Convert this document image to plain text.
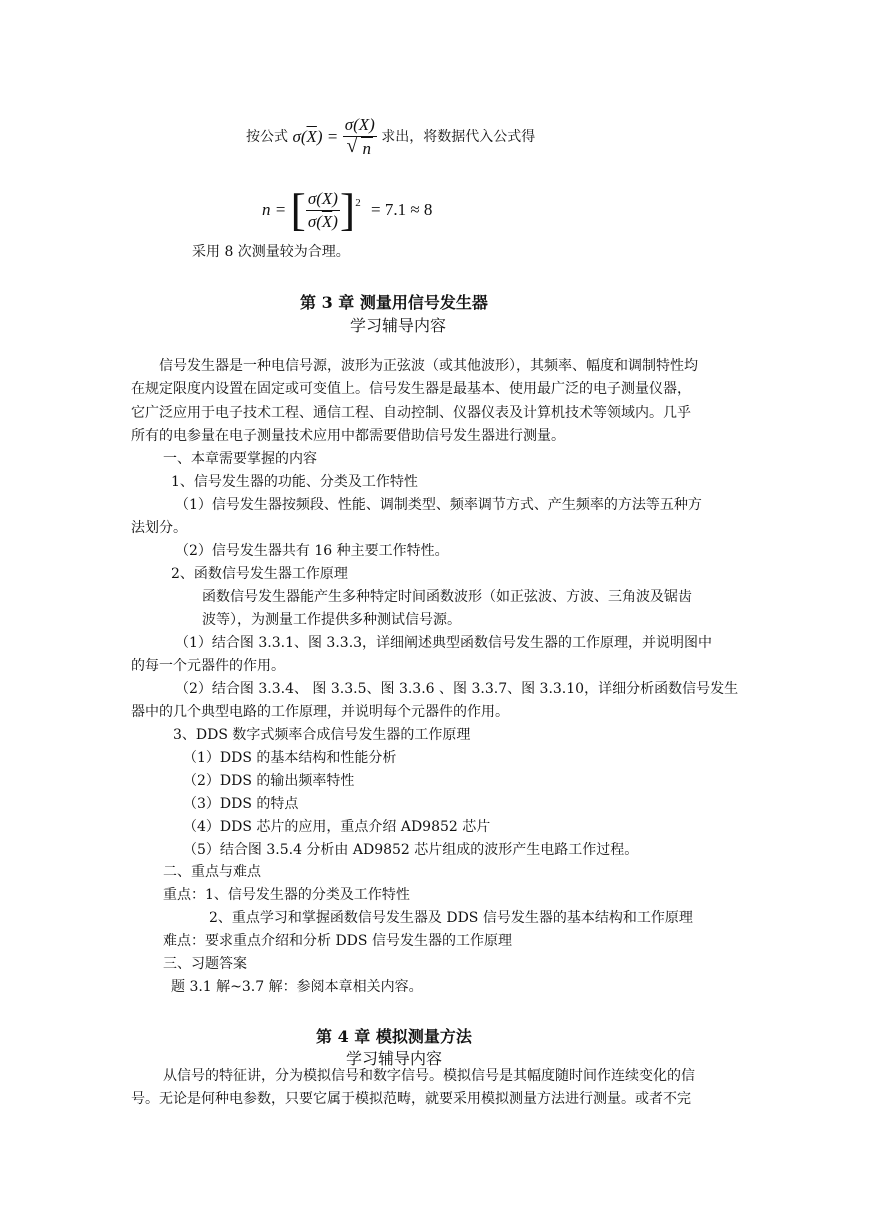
按公式 $\sigma(\overline{X}) = \frac{\sigma(X)}{√ n}$ 求出，将数据代入公式得
n = [ $\frac{\sigma(X)}{\sigma(\overline{X})} ]^2 = 7.1 \approx 8$
采用 8 次测量较为合理。
第 3 章 测量用信号发生器
学习辅导内容
信号发生器是一种电信号源，波形为正弦波（或其他波形），其频率、幅度和调制特性均
在规定限度内设置在固定或可变值上。信号发生器是最基本、使用最广泛的电子测量仪器，
它广泛应用于电子技术工程、通信工程、自动控制、仪器仪表及计算机技术等领域内。几乎
所有的电参量在电子测量技术应用中都需要借助信号发生器进行测量。
一、本章需要掌握的内容
1、信号发生器的功能、分类及工作特性
（1）信号发生器按频段、性能、调制类型、频率调节方式、产生频率的方法等五种方
法划分。
（2）信号发生器共有 16 种主要工作特性。
2、函数信号发生器工作原理
函数信号发生器能产生多种特定时间函数波形（如正弦波、方波、三角波及锯齿
波等），为测量工作提供多种测试信号源。
（1）结合图 3.3.1、图 3.3.3，详细阐述典型函数信号发生器的工作原理，并说明图中
的每一个元器件的作用。
（2）结合图 3.3.4、 图 3.3.5、图 3.3.6 、图 3.3.7、图 3.3.10，详细分析函数信号发生
器中的几个典型电路的工作原理，并说明每个元器件的作用。
3、DDS 数字式频率合成信号发生器的工作原理
（1）DDS 的基本结构和性能分析
（2）DDS 的输出频率特性
（3）DDS 的特点
（4）DDS 芯片的应用，重点介绍 AD9852 芯片
（5）结合图 3.5.4 分析由 AD9852 芯片组成的波形产生电路工作过程。
二、重点与难点
重点：1、信号发生器的分类及工作特性
2、重点学习和掌握函数信号发生器及 DDS 信号发生器的基本结构和工作原理
难点：要求重点介绍和分析 DDS 信号发生器的工作原理
三、习题答案
题 3.1 解~3.7 解：参阅本章相关内容。
第 4 章 模拟测量方法
学习辅导内容
从信号的特征讲，分为模拟信号和数字信号。模拟信号是其幅度随时间作连续变化的信
号。无论是何种电参数，只要它属于模拟范畴，就要采用模拟测量方法进行测量。或者不完
